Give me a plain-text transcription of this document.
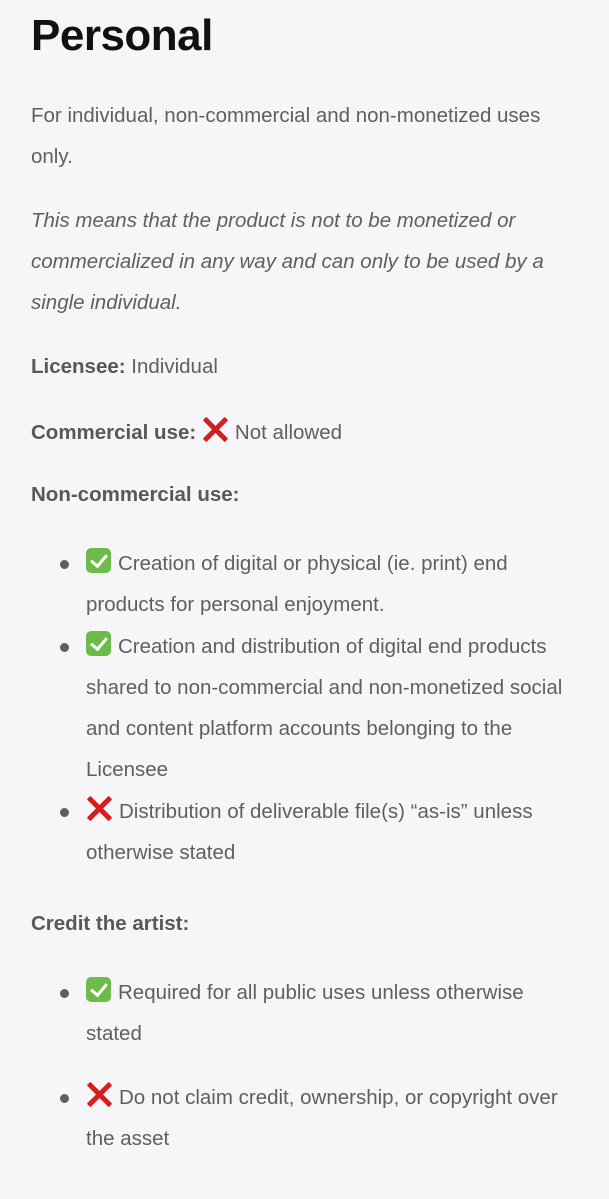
Personal

For individual, non-commercial and non-monetized uses only.

This means that the product is not to be monetized or commercialized in any way and can only to be used by a single individual.

Licensee: Individual

Commercial use: Not allowed

Non-commercial use:

Creation of digital or physical (ie. print) end products for personal enjoyment.
Creation and distribution of digital end products shared to non-commercial and non-monetized social and content platform accounts belonging to the Licensee
Distribution of deliverable file(s) “as-is” unless otherwise stated

Credit the artist:

Required for all public uses unless otherwise stated
Do not claim credit, ownership, or copyright over the asset
